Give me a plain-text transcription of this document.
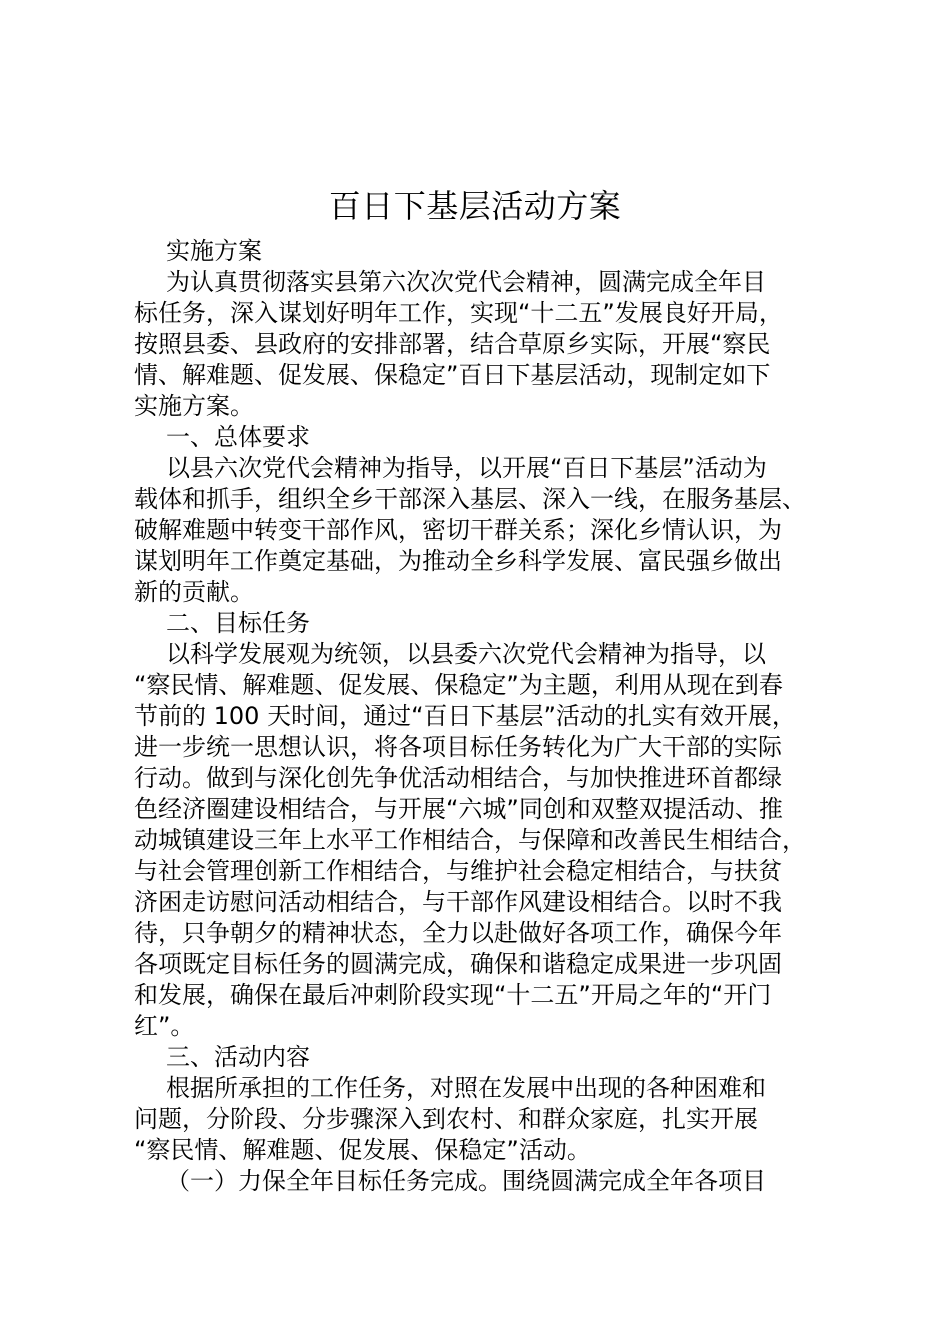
百日下基层活动方案

实施方案

为认真贯彻落实县第六次次党代会精神，圆满完成全年目

标任务，深入谋划好明年工作，实现“十二五”发展良好开局，

按照县委、县政府的安排部署，结合草原乡实际，开展“察民

情、解难题、促发展、保稳定”百日下基层活动，现制定如下

实施方案。

一、总体要求

以县六次党代会精神为指导，以开展“百日下基层”活动为

载体和抓手，组织全乡干部深入基层、深入一线，在服务基层、

破解难题中转变干部作风，密切干群关系；深化乡情认识，为

谋划明年工作奠定基础，为推动全乡科学发展、富民强乡做出

新的贡献。

二、目标任务

以科学发展观为统领，以县委六次党代会精神为指导，以

“察民情、解难题、促发展、保稳定”为主题，利用从现在到春

节前的 100 天时间，通过“百日下基层”活动的扎实有效开展，

进一步统一思想认识，将各项目标任务转化为广大干部的实际

行动。做到与深化创先争优活动相结合，与加快推进环首都绿

色经济圈建设相结合，与开展“六城”同创和双整双提活动、推

动城镇建设三年上水平工作相结合，与保障和改善民生相结合，

与社会管理创新工作相结合，与维护社会稳定相结合，与扶贫

济困走访慰问活动相结合，与干部作风建设相结合。以时不我

待，只争朝夕的精神状态，全力以赴做好各项工作，确保今年

各项既定目标任务的圆满完成，确保和谐稳定成果进一步巩固

和发展，确保在最后冲刺阶段实现“十二五”开局之年的“开门

红”。

三、活动内容

根据所承担的工作任务，对照在发展中出现的各种困难和

问题，分阶段、分步骤深入到农村、和群众家庭，扎实开展

“察民情、解难题、促发展、保稳定”活动。

（一）力保全年目标任务完成。围绕圆满完成全年各项目
